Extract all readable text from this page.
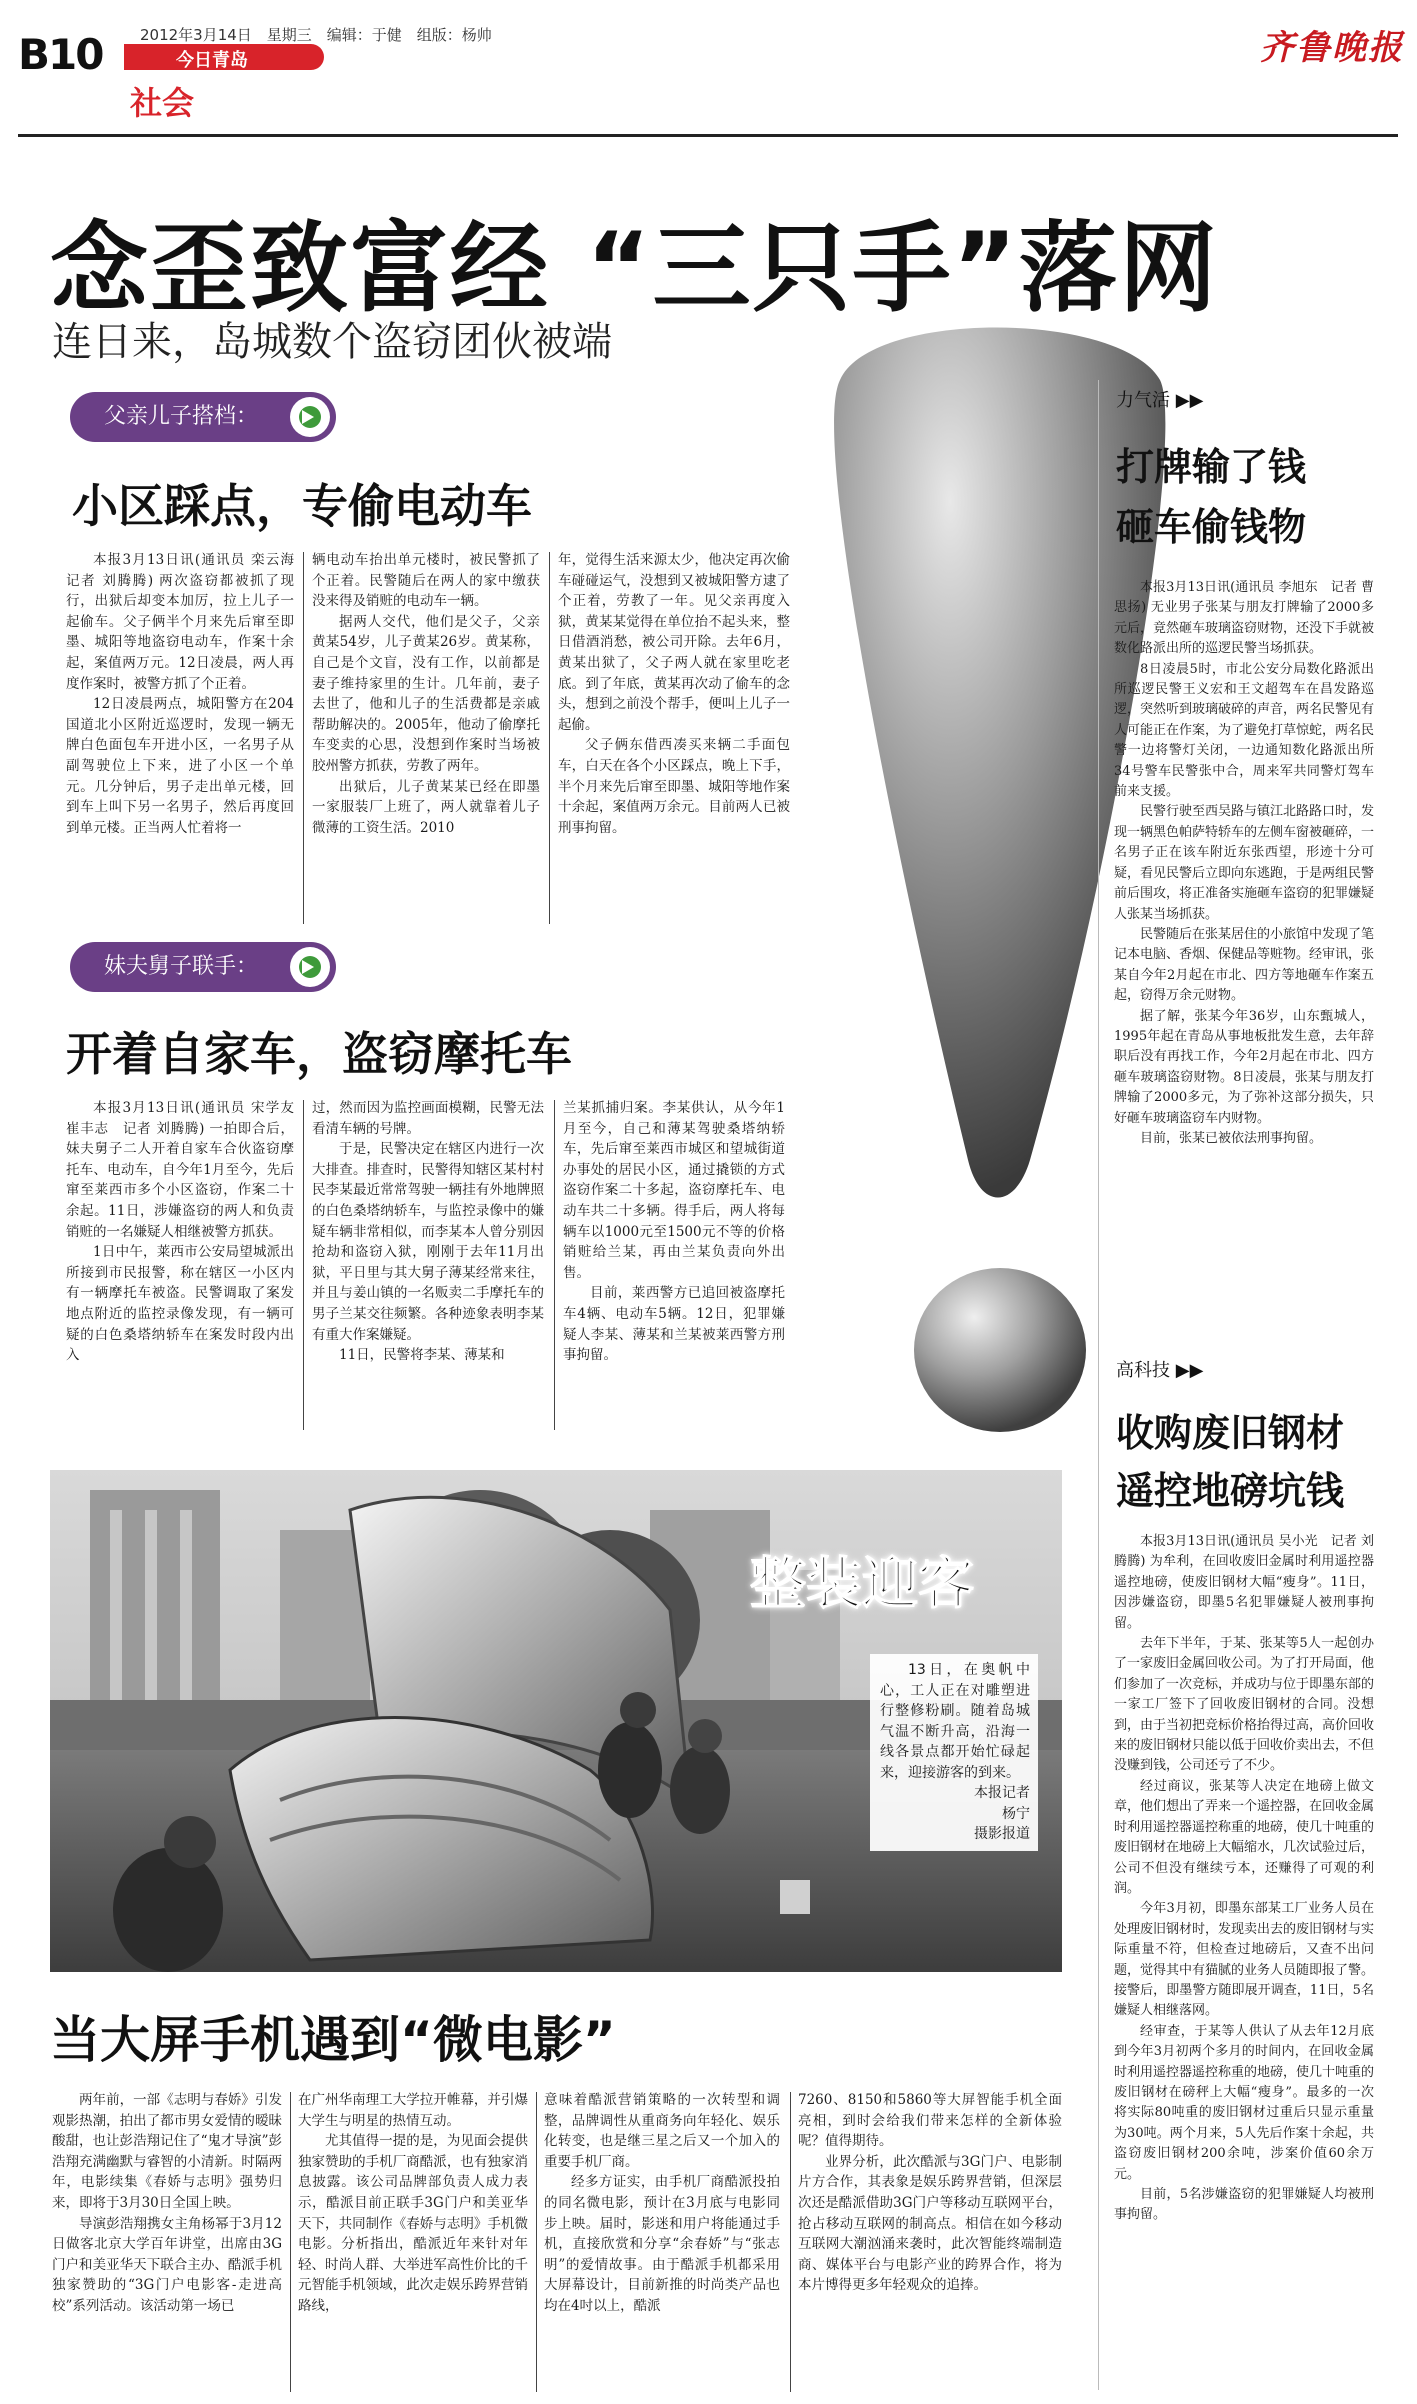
B10	2012年3月14日　星期三　编辑：于健　组版：杨帅
今日青岛
社会
齐鲁晚报
念歪致富经 “三只手”落网
连日来，岛城数个盗窃团伙被端
父亲儿子搭档：
小区踩点，专偷电动车

本报3月13日讯(通讯员 栾云海　记者 刘腾腾) 两次盗窃都被抓了现行，出狱后却变本加厉，拉上儿子一起偷车。父子俩半个月来先后窜至即墨、城阳等地盗窃电动车，作案十余起，案值两万元。12日凌晨，两人再度作案时，被警方抓了个正着。

12日凌晨两点，城阳警方在204国道北小区附近巡逻时，发现一辆无牌白色面包车开进小区，一名男子从副驾驶位上下来，进了小区一个单元。几分钟后，男子走出单元楼，回到车上叫下另一名男子，然后再度回到单元楼。正当两人忙着将一

辆电动车抬出单元楼时，被民警抓了个正着。民警随后在两人的家中缴获没来得及销赃的电动车一辆。

据两人交代，他们是父子，父亲黄某54岁，儿子黄某26岁。黄某称，自己是个文盲，没有工作，以前都是妻子维持家里的生计。几年前，妻子去世了，他和儿子的生活费都是亲戚帮助解决的。2005年，他动了偷摩托车变卖的心思，没想到作案时当场被胶州警方抓获，劳教了两年。

出狱后，儿子黄某某已经在即墨一家服装厂上班了，两人就靠着儿子微薄的工资生活。2010

年，觉得生活来源太少，他决定再次偷车碰碰运气，没想到又被城阳警方逮了个正着，劳教了一年。见父亲再度入狱，黄某某觉得在单位抬不起头来，整日借酒消愁，被公司开除。去年6月，黄某出狱了，父子两人就在家里吃老底。到了年底，黄某再次动了偷车的念头，想到之前没个帮手，便叫上儿子一起偷。

父子俩东借西凑买来辆二手面包车，白天在各个小区踩点，晚上下手，半个月来先后窜至即墨、城阳等地作案十余起，案值两万余元。目前两人已被刑事拘留。

妹夫舅子联手：
开着自家车，盗窃摩托车

本报3月13日讯(通讯员 宋学友　崔丰志　记者 刘腾腾) 一拍即合后，妹夫舅子二人开着自家车合伙盗窃摩托车、电动车，自今年1月至今，先后窜至莱西市多个小区盗窃，作案二十余起。11日，涉嫌盗窃的两人和负责销赃的一名嫌疑人相继被警方抓获。

1日中午，莱西市公安局望城派出所接到市民报警，称在辖区一小区内有一辆摩托车被盗。民警调取了案发地点附近的监控录像发现，有一辆可疑的白色桑塔纳轿车在案发时段内出入

过，然而因为监控画面模糊，民警无法看清车辆的号牌。

于是，民警决定在辖区内进行一次大排查。排查时，民警得知辖区某村村民李某最近常常驾驶一辆挂有外地牌照的白色桑塔纳轿车，与监控录像中的嫌疑车辆非常相似，而李某本人曾分别因抢劫和盗窃入狱，刚刚于去年11月出狱，平日里与其大舅子薄某经常来往，并且与姜山镇的一名贩卖二手摩托车的男子兰某交往频繁。各种迹象表明李某有重大作案嫌疑。

11日，民警将李某、薄某和

兰某抓捕归案。李某供认，从今年1月至今，自己和薄某驾驶桑塔纳轿车，先后窜至莱西市城区和望城街道办事处的居民小区，通过撬锁的方式盗窃作案二十多起，盗窃摩托车、电动车共二十多辆。得手后，两人将每辆车以1000元至1500元不等的价格销赃给兰某，再由兰某负责向外出售。

目前，莱西警方已追回被盗摩托车4辆、电动车5辆。12日，犯罪嫌疑人李某、薄某和兰某被莱西警方刑事拘留。

整装迎客

13日，在奥帆中心，工人正在对雕塑进行整修粉刷。随着岛城气温不断升高，沿海一线各景点都开始忙碌起来，迎接游客的到来。

本报记者
杨宁
摄影报道
力气活 ▶▶
打牌输了钱
砸车偷钱物

本报3月13日讯(通讯员 李旭东　记者 曹思扬) 无业男子张某与朋友打牌输了2000多元后，竟然砸车玻璃盗窃财物，还没下手就被数化路派出所的巡逻民警当场抓获。

8日凌晨5时，市北公安分局数化路派出所巡逻民警王义宏和王文超驾车在昌发路巡逻，突然听到玻璃破碎的声音，两名民警见有人可能正在作案，为了避免打草惊蛇，两名民警一边将警灯关闭，一边通知数化路派出所34号警车民警张中合，周来军共同警灯驾车前来支援。

民警行驶至西吴路与镇江北路路口时，发现一辆黑色帕萨特轿车的左侧车窗被砸碎，一名男子正在该车附近东张西望，形迹十分可疑，看见民警后立即向东逃跑，于是两组民警前后围攻，将正准备实施砸车盗窃的犯罪嫌疑人张某当场抓获。

民警随后在张某居住的小旅馆中发现了笔记本电脑、香烟、保健品等赃物。经审讯，张某自今年2月起在市北、四方等地砸车作案五起，窃得万余元财物。

据了解，张某今年36岁，山东甄城人，1995年起在青岛从事地板批发生意，去年辞职后没有再找工作，今年2月起在市北、四方砸车玻璃盗窃财物。8日凌晨，张某与朋友打牌输了2000多元，为了弥补这部分损失，只好砸车玻璃盗窃车内财物。

目前，张某已被依法刑事拘留。

高科技 ▶▶
收购废旧钢材
遥控地磅坑钱

本报3月13日讯(通讯员 吴小光　记者 刘腾腾) 为牟利，在回收废旧金属时利用遥控器遥控地磅，使废旧钢材大幅“瘦身”。11日，因涉嫌盗窃，即墨5名犯罪嫌疑人被刑事拘留。

去年下半年，于某、张某等5人一起创办了一家废旧金属回收公司。为了打开局面，他们参加了一次竞标，并成功与位于即墨东部的一家工厂签下了回收废旧钢材的合同。没想到，由于当初把竞标价格抬得过高，高价回收来的废旧钢材只能以低于回收价卖出去，不但没赚到钱，公司还亏了不少。

经过商议，张某等人决定在地磅上做文章，他们想出了弄来一个遥控器，在回收金属时利用遥控器遥控称重的地磅，使几十吨重的废旧钢材在地磅上大幅缩水，几次试验过后，公司不但没有继续亏本，还赚得了可观的利润。

今年3月初，即墨东部某工厂业务人员在处理废旧钢材时，发现卖出去的废旧钢材与实际重量不符，但检查过地磅后，又查不出问题，觉得其中有猫腻的业务人员随即报了警。接警后，即墨警方随即展开调查，11日，5名嫌疑人相继落网。

经审查，于某等人供认了从去年12月底到今年3月初两个多月的时间内，在回收金属时利用遥控器遥控称重的地磅，使几十吨重的废旧钢材在磅秤上大幅“瘦身”。最多的一次将实际80吨重的废旧钢材过重后只显示重量为30吨。两个月来，5人先后作案十余起，共盗窃废旧钢材200余吨，涉案价值60余万元。

目前，5名涉嫌盗窃的犯罪嫌疑人均被刑事拘留。

当大屏手机遇到“微电影”

两年前，一部《志明与春娇》引发观影热潮，拍出了都市男女爱情的暧昧酸甜，也让彭浩翔记住了“鬼才导演”彭浩翔充满幽默与睿智的小清新。时隔两年，电影续集《春娇与志明》强势归来，即将于3月30日全国上映。

导演彭浩翔携女主角杨幂于3月12日做客北京大学百年讲堂，出席由3G门户和美亚华天下联合主办、酷派手机独家赞助的“3G门户电影客-走进高校”系列活动。该活动第一场已

在广州华南理工大学拉开帷幕，并引爆大学生与明星的热情互动。

尤其值得一提的是，为见面会提供独家赞助的手机厂商酷派，也有独家消息披露。该公司品牌部负责人成力表示，酷派目前正联手3G门户和美亚华天下，共同制作《春娇与志明》手机微电影。分析指出，酷派近年来针对年轻、时尚人群、大举进军高性价比的千元智能手机领域，此次走娱乐跨界营销路线，

意味着酷派营销策略的一次转型和调整，品牌调性从重商务向年轻化、娱乐化转变，也是继三星之后又一个加入的重要手机厂商。

经多方证实，由手机厂商酷派投拍的同名微电影，预计在3月底与电影同步上映。届时，影迷和用户将能通过手机，直接欣赏和分享“余春娇”与“张志明”的爱情故事。由于酷派手机都采用大屏幕设计，目前新推的时尚类产品也均在4吋以上，酷派

7260、8150和5860等大屏智能手机全面亮相，到时会给我们带来怎样的全新体验呢？值得期待。

业界分析，此次酷派与3G门户、电影制片方合作，其表象是娱乐跨界营销，但深层次还是酷派借助3G门户等移动互联网平台，抢占移动互联网的制高点。相信在如今移动互联网大潮汹涌来袭时，此次智能终端制造商、媒体平台与电影产业的跨界合作，将为本片博得更多年轻观众的追捧。
